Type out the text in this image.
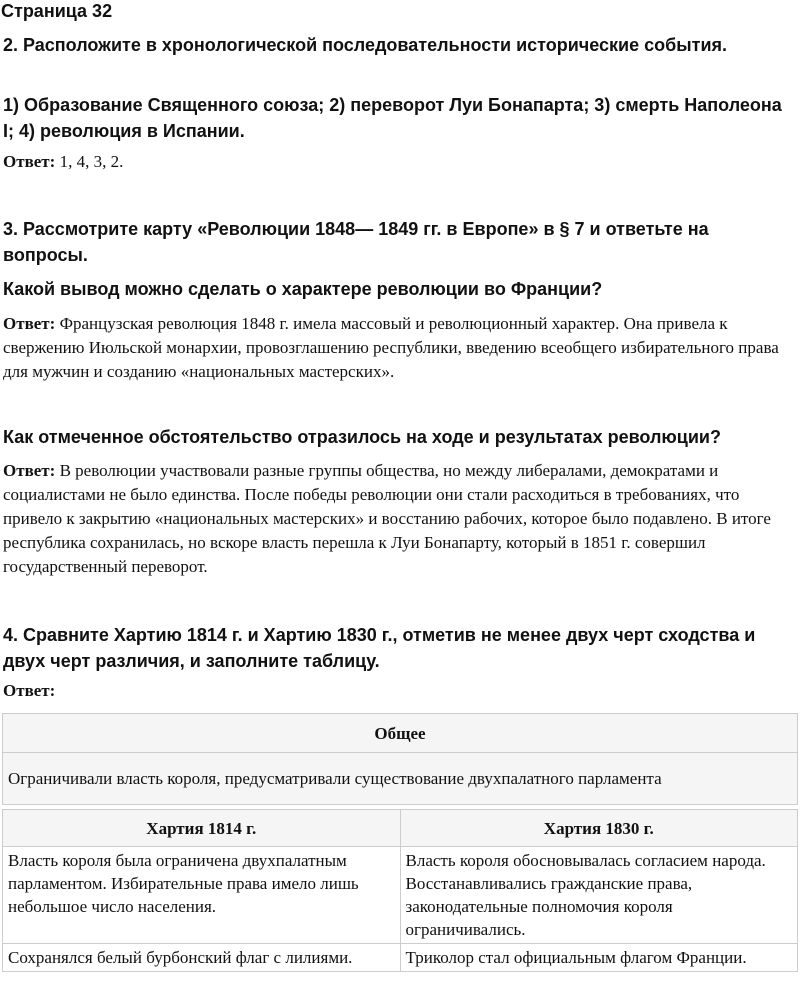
Страница 32
2. Расположите в хронологической последовательности исторические события.
1) Образование Священного союза; 2) переворот Луи Бонапарта; 3) смерть Наполеона I; 4) революция в Испании.
Ответ: 1, 4, 3, 2.
3. Рассмотрите карту «Революции 1848— 1849 гг. в Европе» в § 7 и ответьте на вопросы.
Какой вывод можно сделать о характере революции во Франции?
Ответ: Французская революция 1848 г. имела массовый и революционный характер. Она привела к свержению Июльской монархии, провозглашению республики, введению всеобщего избирательного права для мужчин и созданию «национальных мастерских».
Как отмеченное обстоятельство отразилось на ходе и результатах революции?
Ответ: В революции участвовали разные группы общества, но между либералами, демократами и социалистами не было единства. После победы революции они стали расходиться в требованиях, что привело к закрытию «национальных мастерских» и восстанию рабочих, которое было подавлено. В итоге республика сохранилась, но вскоре власть перешла к Луи Бонапарту, который в 1851 г. совершил государственный переворот.
4. Сравните Хартию 1814 г. и Хартию 1830 г., отметив не менее двух черт сходства и двух черт различия, и заполните таблицу.
Ответ:
Общее
Ограничивали власть короля, предусматривали существование двухпалатного парламента
Хартия 1814 г.	Хартия 1830 г.
Власть короля была ограничена двухпалатным парламентом. Избирательные права имело лишь небольшое число населения.	Власть короля обосновывалась согласием народа. Восстанавливались гражданские права, законодательные полномочия короля ограничивались.
Сохранялся белый бурбонский флаг с лилиями.	Триколор стал официальным флагом Франции.
